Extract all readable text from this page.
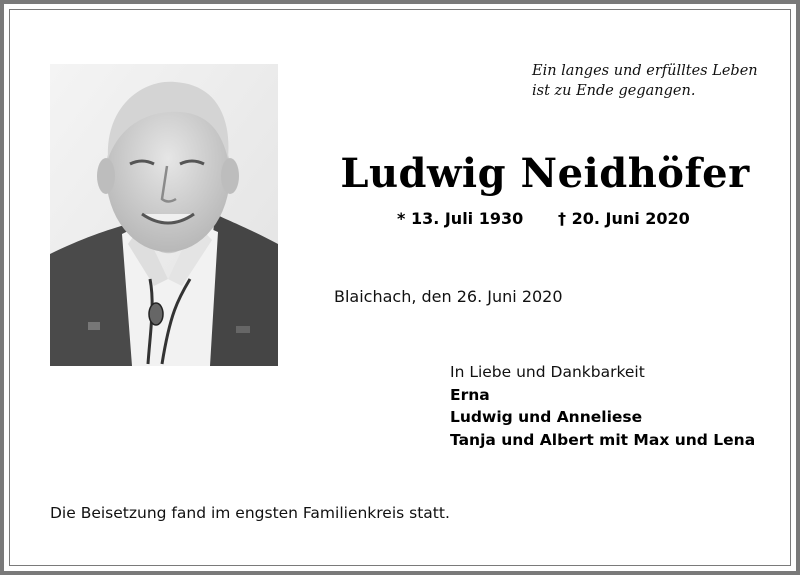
Ein langes und erfülltes Leben
ist zu Ende gegangen.
Ludwig Neidhöfer
* 13. Juli 1930 † 20. Juni 2020
Blaichach, den 26. Juni 2020
In Liebe und Dankbarkeit
Erna
Ludwig und Anneliese
Tanja und Albert mit Max und Lena
Die Beisetzung fand im engsten Familienkreis statt.
